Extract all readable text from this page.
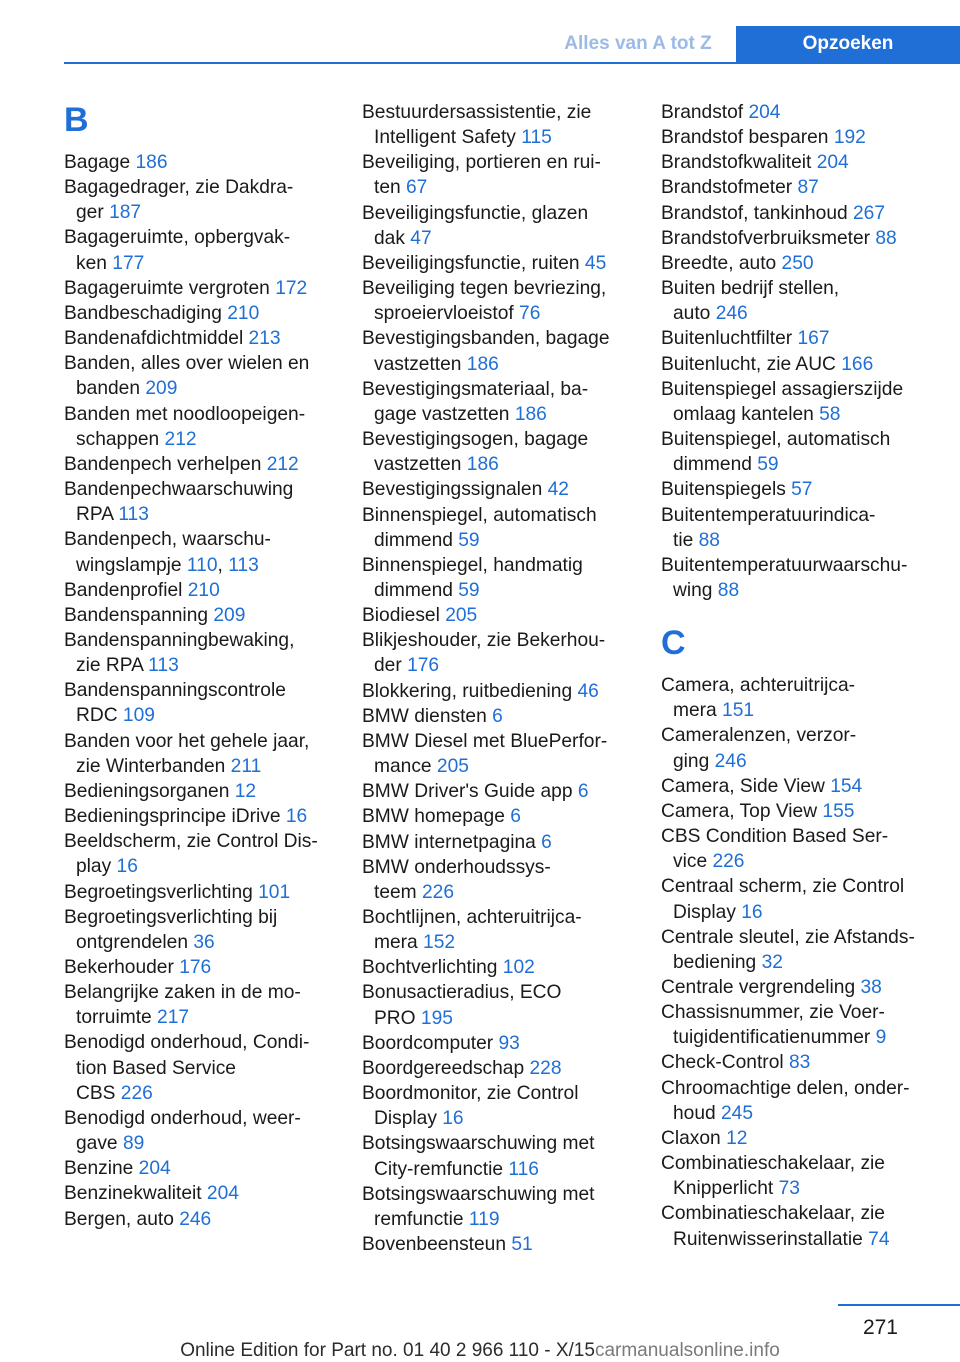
Alles van A tot Z	Opzoeken
B

Bagage 186

Bagagedrager, zie Dakdra-
ger 187

Bagageruimte, opbergvak-
ken 177

Bagageruimte vergroten 172

Bandbeschadiging 210

Bandenafdichtmiddel 213

Banden, alles over wielen en
banden 209

Banden met noodloopeigen-
schappen 212

Bandenpech verhelpen 212

Bandenpechwaarschuwing
RPA 113

Bandenpech, waarschu-
wingslampje 110, 113

Bandenprofiel 210

Bandenspanning 209

Bandenspanningbewaking,
zie RPA 113

Bandenspanningscontrole
RDC 109

Banden voor het gehele jaar,
zie Winterbanden 211

Bedieningsorganen 12

Bedieningsprincipe iDrive 16

Beeldscherm, zie Control Dis-
play 16

Begroetingsverlichting 101

Begroetingsverlichting bij
ontgrendelen 36

Bekerhouder 176

Belangrijke zaken in de mo-
torruimte 217

Benodigd onderhoud, Condi-
tion Based Service
CBS 226

Benodigd onderhoud, weer-
gave 89

Benzine 204

Benzinekwaliteit 204

Bergen, auto 246

Bestuurdersassistentie, zie
Intelligent Safety 115

Beveiliging, portieren en rui-
ten 67

Beveiligingsfunctie, glazen
dak 47

Beveiligingsfunctie, ruiten 45

Beveiliging tegen bevriezing,
sproeiervloeistof 76

Bevestigingsbanden, bagage
vastzetten 186

Bevestigingsmateriaal, ba-
gage vastzetten 186

Bevestigingsogen, bagage
vastzetten 186

Bevestigingssignalen 42

Binnenspiegel, automatisch
dimmend 59

Binnenspiegel, handmatig
dimmend 59

Biodiesel 205

Blikjeshouder, zie Bekerhou-
der 176

Blokkering, ruitbediening 46

BMW diensten 6

BMW Diesel met BluePerfor-
mance 205

BMW Driver's Guide app 6

BMW homepage 6

BMW internetpagina 6

BMW onderhoudssys-
teem 226

Bochtlijnen, achteruitrijca-
mera 152

Bochtverlichting 102

Bonusactieradius, ECO
PRO 195

Boordcomputer 93

Boordgereedschap 228

Boordmonitor, zie Control
Display 16

Botsingswaarschuwing met
City-remfunctie 116

Botsingswaarschuwing met
remfunctie 119

Bovenbeensteun 51

Brandstof 204

Brandstof besparen 192

Brandstofkwaliteit 204

Brandstofmeter 87

Brandstof, tankinhoud 267

Brandstofverbruiksmeter 88

Breedte, auto 250

Buiten bedrijf stellen,
auto 246

Buitenluchtfilter 167

Buitenlucht, zie AUC 166

Buitenspiegel assagierszijde
omlaag kantelen 58

Buitenspiegel, automatisch
dimmend 59

Buitenspiegels 57

Buitentemperatuurindica-
tie 88

Buitentemperatuurwaarschu-
wing 88

C

Camera, achteruitrijca-
mera 151

Cameralenzen, verzor-
ging 246

Camera, Side View 154

Camera, Top View 155

CBS Condition Based Ser-
vice 226

Centraal scherm, zie Control
Display 16

Centrale sleutel, zie Afstands-
bediening 32

Centrale vergrendeling 38

Chassisnummer, zie Voer-
tuigidentificatienummer 9

Check-Control 83

Chroomachtige delen, onder-
houd 245

Claxon 12

Combinatieschakelaar, zie
Knipperlicht 73

Combinatieschakelaar, zie
Ruitenwisserinstallatie 74

271
Online Edition for Part no. 01 40 2 966 110 - X/15carmanualsonline.info
